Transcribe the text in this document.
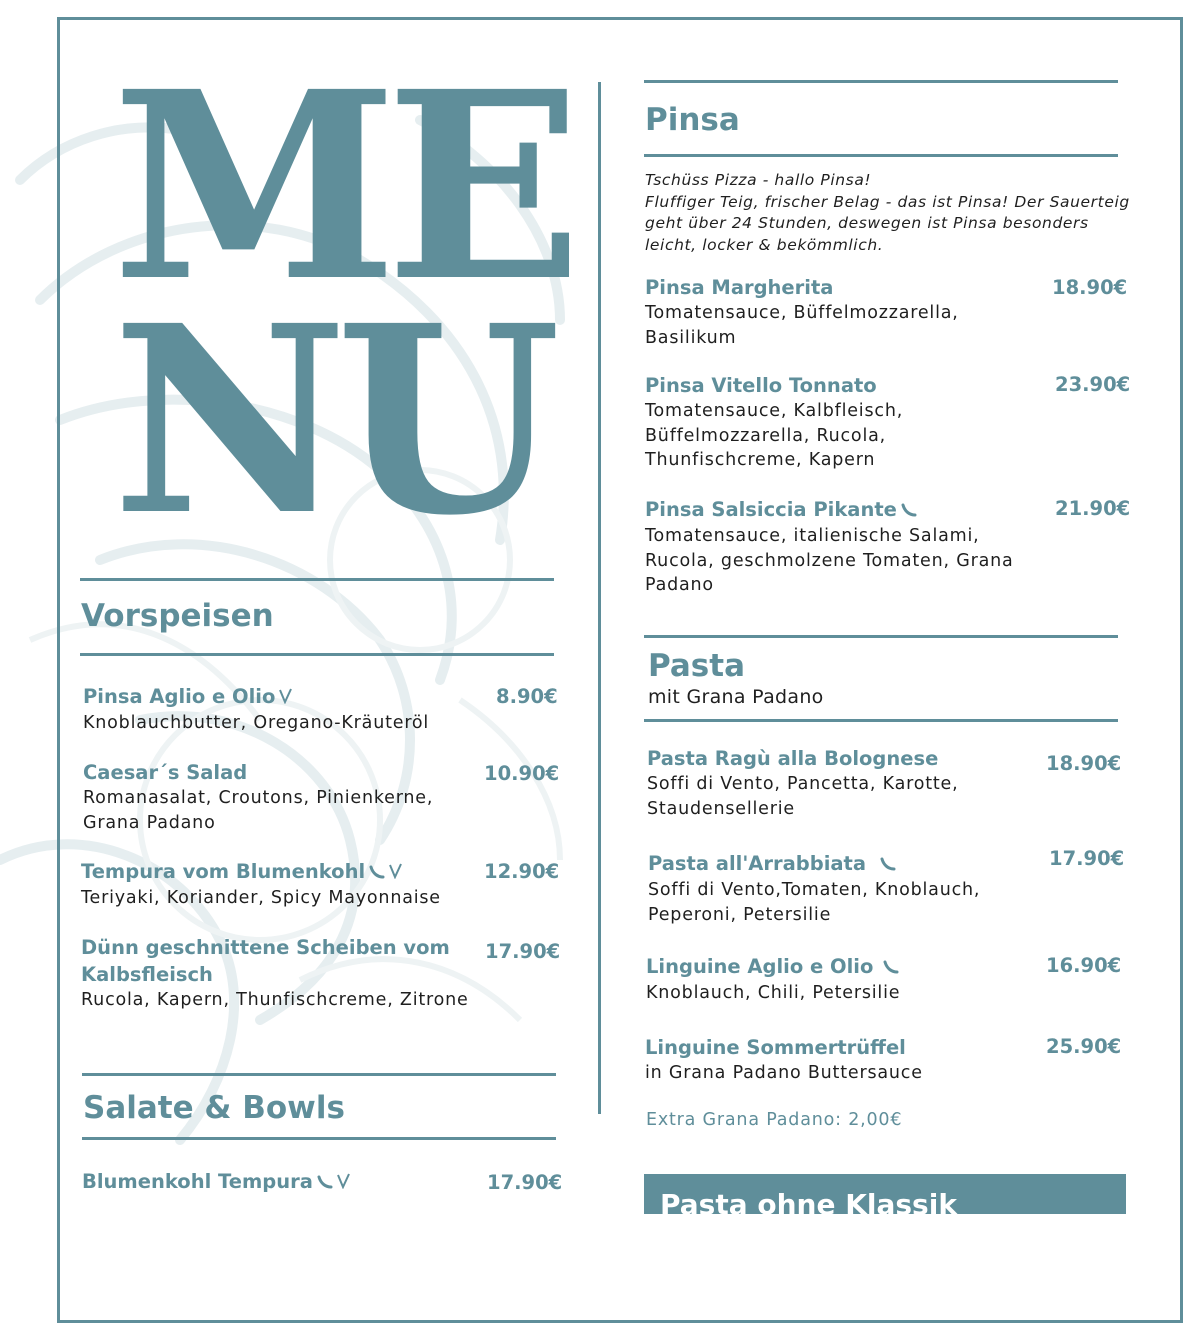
ME
NU
Vorspeisen
Pinsa Aglio e Olio
Knoblauchbutter, Oregano-Kräuteröl
8.90€
Caesar´s Salad
Romanasalat, Croutons, Pinienkerne,
Grana Padano
10.90€
Tempura vom Blumenkohl
Teriyaki, Koriander, Spicy Mayonnaise
12.90€
Dünn geschnittene Scheiben vom
Kalbsfleisch
Rucola, Kapern, Thunfischcreme, Zitrone
17.90€
Salate & Bowls
Blumenkohl Tempura	17.90€
Pinsa
Tschüss Pizza - hallo Pinsa!
Fluffiger Teig, frischer Belag - das ist Pinsa! Der Sauerteig
geht über 24 Stunden, deswegen ist Pinsa besonders
leicht, locker & bekömmlich.
Pinsa Margherita
Tomatensauce, Büffelmozzarella,
Basilikum
18.90€
Pinsa Vitello Tonnato
Tomatensauce, Kalbfleisch,
Büffelmozzarella, Rucola,
Thunfischcreme, Kapern
23.90€
Pinsa Salsiccia Pikante
Tomatensauce, italienische Salami,
Rucola, geschmolzene Tomaten, Grana
Padano
21.90€
Pasta
mit Grana Padano
Pasta Ragù alla Bolognese
Soffi di Vento, Pancetta, Karotte,
Staudensellerie
18.90€
Pasta all'Arrabbiata
Soffi di Vento,Tomaten, Knoblauch,
Peperoni, Petersilie
17.90€
Linguine Aglio e Olio
Knoblauch, Chili, Petersilie
16.90€
Linguine Sommertrüffel
in Grana Padano Buttersauce
25.90€
Extra Grana Padano: 2,00€
Pasta ohne Klassik
